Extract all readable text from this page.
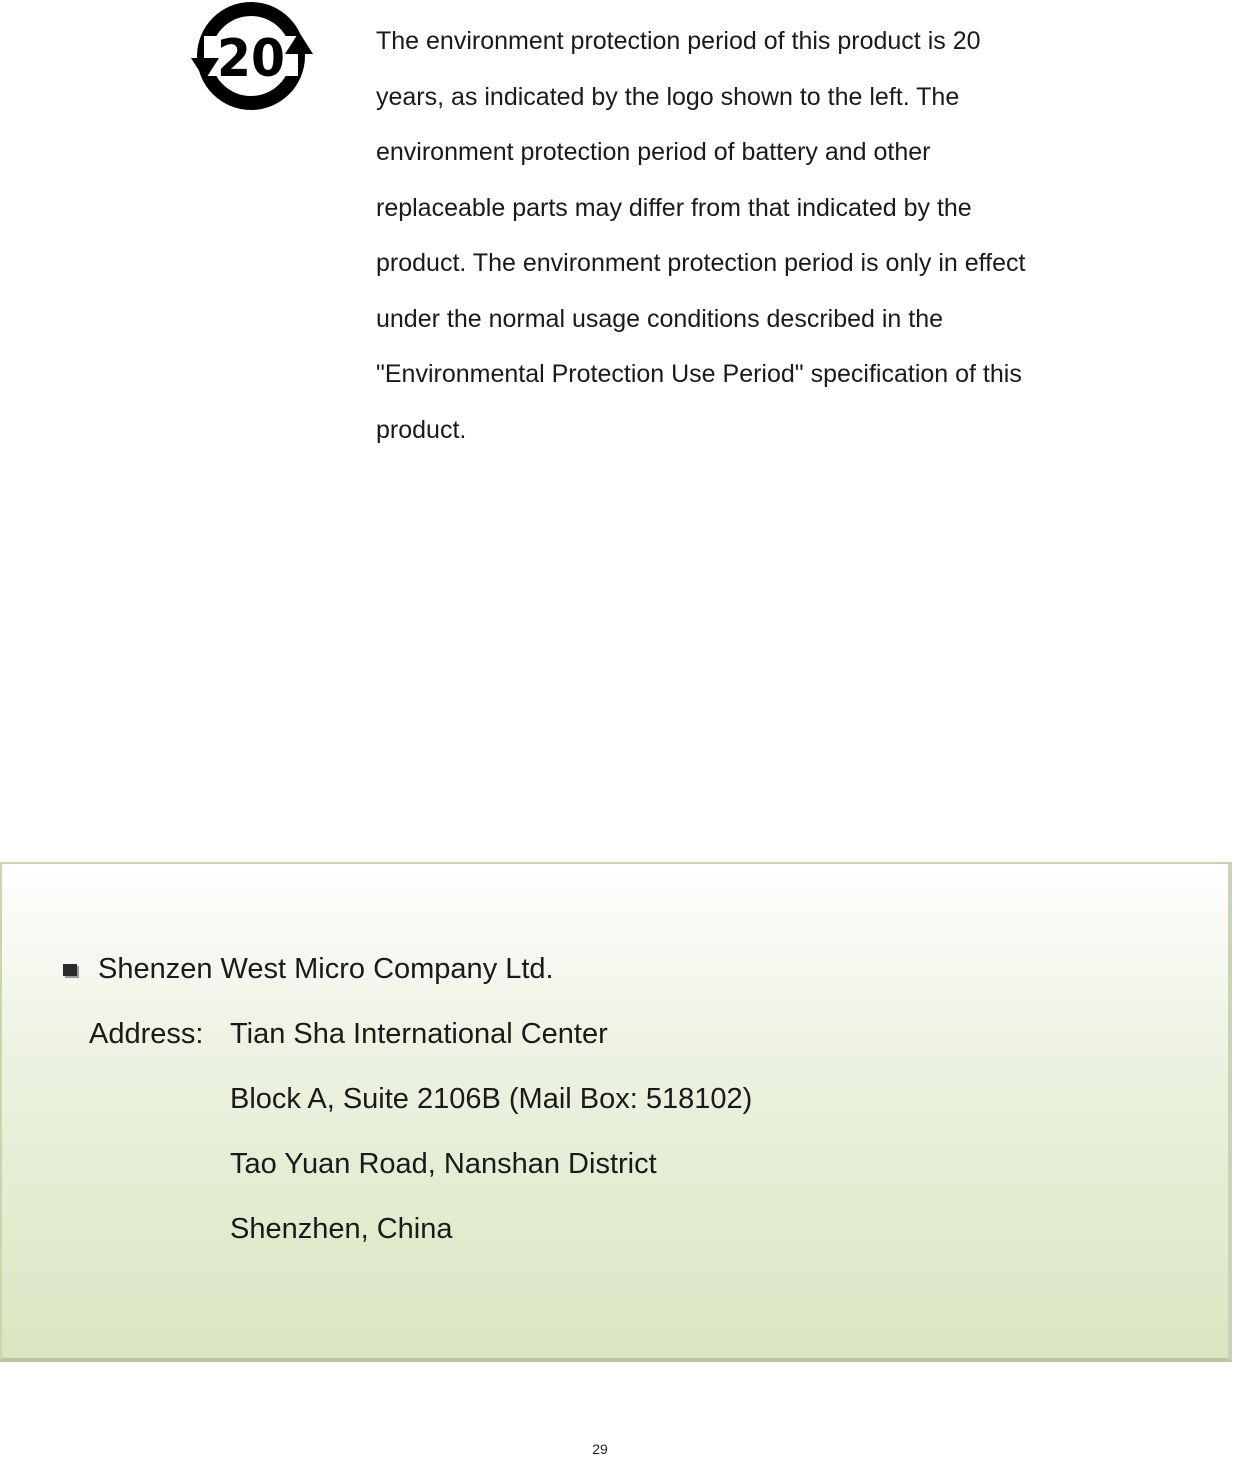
20	The environment protection period of this product is 20
years, as indicated by the logo shown to the left. The
environment protection period of battery and other
replaceable parts may differ from that indicated by the
product. The environment protection period is only in effect
under the normal usage conditions described in the
"Environmental Protection Use Period" specification of this
product.

Shenzen West Micro Company Ltd.
Address: Tian Sha International Center
Block A, Suite 2106B (Mail Box: 518102)
Tao Yuan Road, Nanshan District
Shenzhen, China
29
